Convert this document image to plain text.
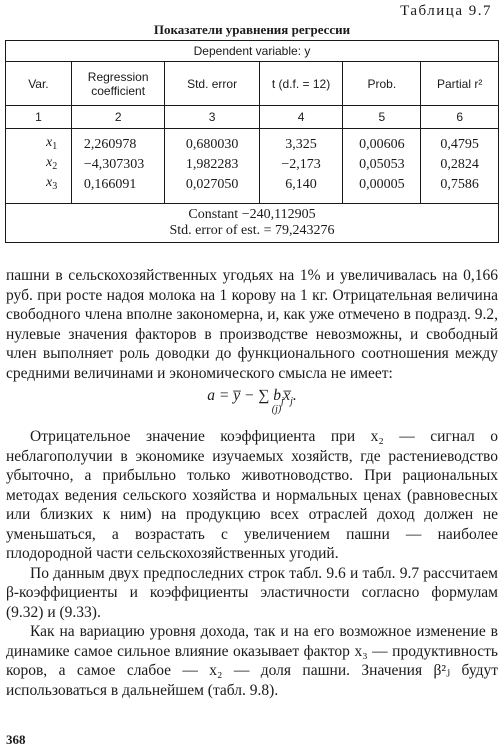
Таблица 9.7
Показатели уравнения регрессии
Dependent variable: y					
Var.	Regression coefficient	Std. error	t (d.f. = 12)	Prob.	Partial r²
1	2	3	4	5	6
$x_1$	2,260978	0,680030	3,325	0,00606	0,4795
$x_2$	−4,307303	1,982283	−2,173	0,05053	0,2824
$x_3$	0,166091	0,027050	6,140	0,00005	0,7586
Constant −240,112905					
Std. error of est. = 79,243276					

пашни в сельскохозяйственных угодьях на 1% и увеличивалась на 0,166 руб. при росте надоя молока на 1 корову на 1 кг. Отрицательная величина свободного члена вполне закономерна, и, как уже отмечено в подразд. 9.2, нулевые значения факторов в производстве невозможны, и свободный член выполняет роль доводки до функционального соотношения между средними величинами и экономического смысла не имеет:

a = y̅ − ∑ $b_j(j)x̅_j$.

Отрицательное значение коэффициента при x₂ — сигнал о неблагополучии в экономике изучаемых хозяйств, где растениеводство убыточно, а прибыльно только животноводство. При рациональных методах ведения сельского хозяйства и нормальных ценах (равновесных или близких к ним) на продукцию всех отраслей доход должен не уменьшаться, а возрастать с увеличением пашни — наиболее плодородной части сельскохозяйственных угодий.

По данным двух предпоследних строк табл. 9.6 и табл. 9.7 рассчитаем β-коэффициенты и коэффициенты эластичности согласно формулам (9.32) и (9.33).

Как на вариацию уровня дохода, так и на его возможное изменение в динамике самое сильное влияние оказывает фактор x₃ — продуктивность коров, а самое слабое — x₂ — доля пашни. Значения β²ⱼ будут использоваться в дальнейшем (табл. 9.8).

368
